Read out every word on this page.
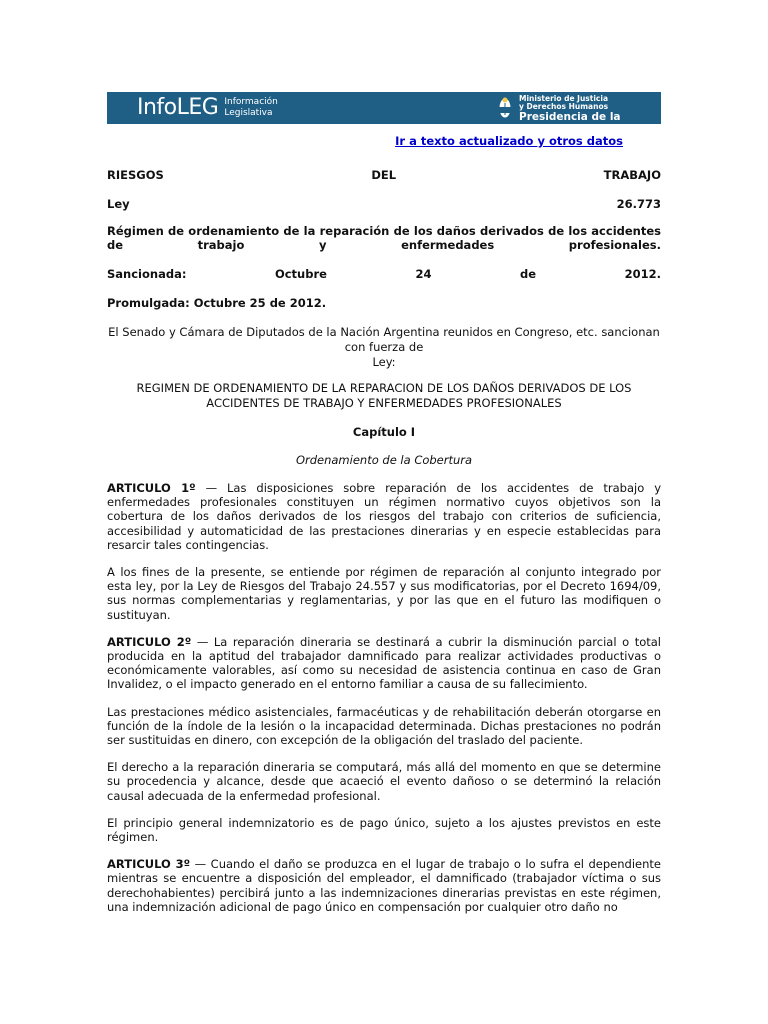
InfoLEG Información
Legislativa
Ministerio de Justicia
y Derechos Humanos
Presidencia de la Nación
Ir a texto actualizado y otros datos
RIESGOS	DEL	TRABAJO
Ley	26.773
Régimen de ordenamiento de la reparación de los daños derivados de los accidentes de trabajo y enfermedades profesionales.
Sancionada:	Octubre	24	de	2012.
Promulgada: Octubre 25 de 2012.
El Senado y Cámara de Diputados de la Nación Argentina reunidos en Congreso, etc. sancionan
con fuerza de
Ley:
REGIMEN DE ORDENAMIENTO DE LA REPARACION DE LOS DAÑOS DERIVADOS DE LOS
ACCIDENTES DE TRABAJO Y ENFERMEDADES PROFESIONALES
Capítulo I
Ordenamiento de la Cobertura

ARTICULO 1º — Las disposiciones sobre reparación de los accidentes de trabajo y enfermedades profesionales constituyen un régimen normativo cuyos objetivos son la cobertura de los daños derivados de los riesgos del trabajo con criterios de suficiencia, accesibilidad y automaticidad de las prestaciones dinerarias y en especie establecidas para resarcir tales contingencias.

A los fines de la presente, se entiende por régimen de reparación al conjunto integrado por esta ley, por la Ley de Riesgos del Trabajo 24.557 y sus modificatorias, por el Decreto 1694/09, sus normas complementarias y reglamentarias, y por las que en el futuro las modifiquen o sustituyan.

ARTICULO 2º — La reparación dineraria se destinará a cubrir la disminución parcial o total producida en la aptitud del trabajador damnificado para realizar actividades productivas o económicamente valorables, así como su necesidad de asistencia continua en caso de Gran Invalidez, o el impacto generado en el entorno familiar a causa de su fallecimiento.

Las prestaciones médico asistenciales, farmacéuticas y de rehabilitación deberán otorgarse en función de la índole de la lesión o la incapacidad determinada. Dichas prestaciones no podrán ser sustituidas en dinero, con excepción de la obligación del traslado del paciente.

El derecho a la reparación dineraria se computará, más allá del momento en que se determine su procedencia y alcance, desde que acaeció el evento dañoso o se determinó la relación causal adecuada de la enfermedad profesional.

El principio general indemnizatorio es de pago único, sujeto a los ajustes previstos en este régimen.

ARTICULO 3º — Cuando el daño se produzca en el lugar de trabajo o lo sufra el dependiente mientras se encuentre a disposición del empleador, el damnificado (trabajador víctima o sus derechohabientes) percibirá junto a las indemnizaciones dinerarias previstas en este régimen, una indemnización adicional de pago único en compensación por cualquier otro daño no
